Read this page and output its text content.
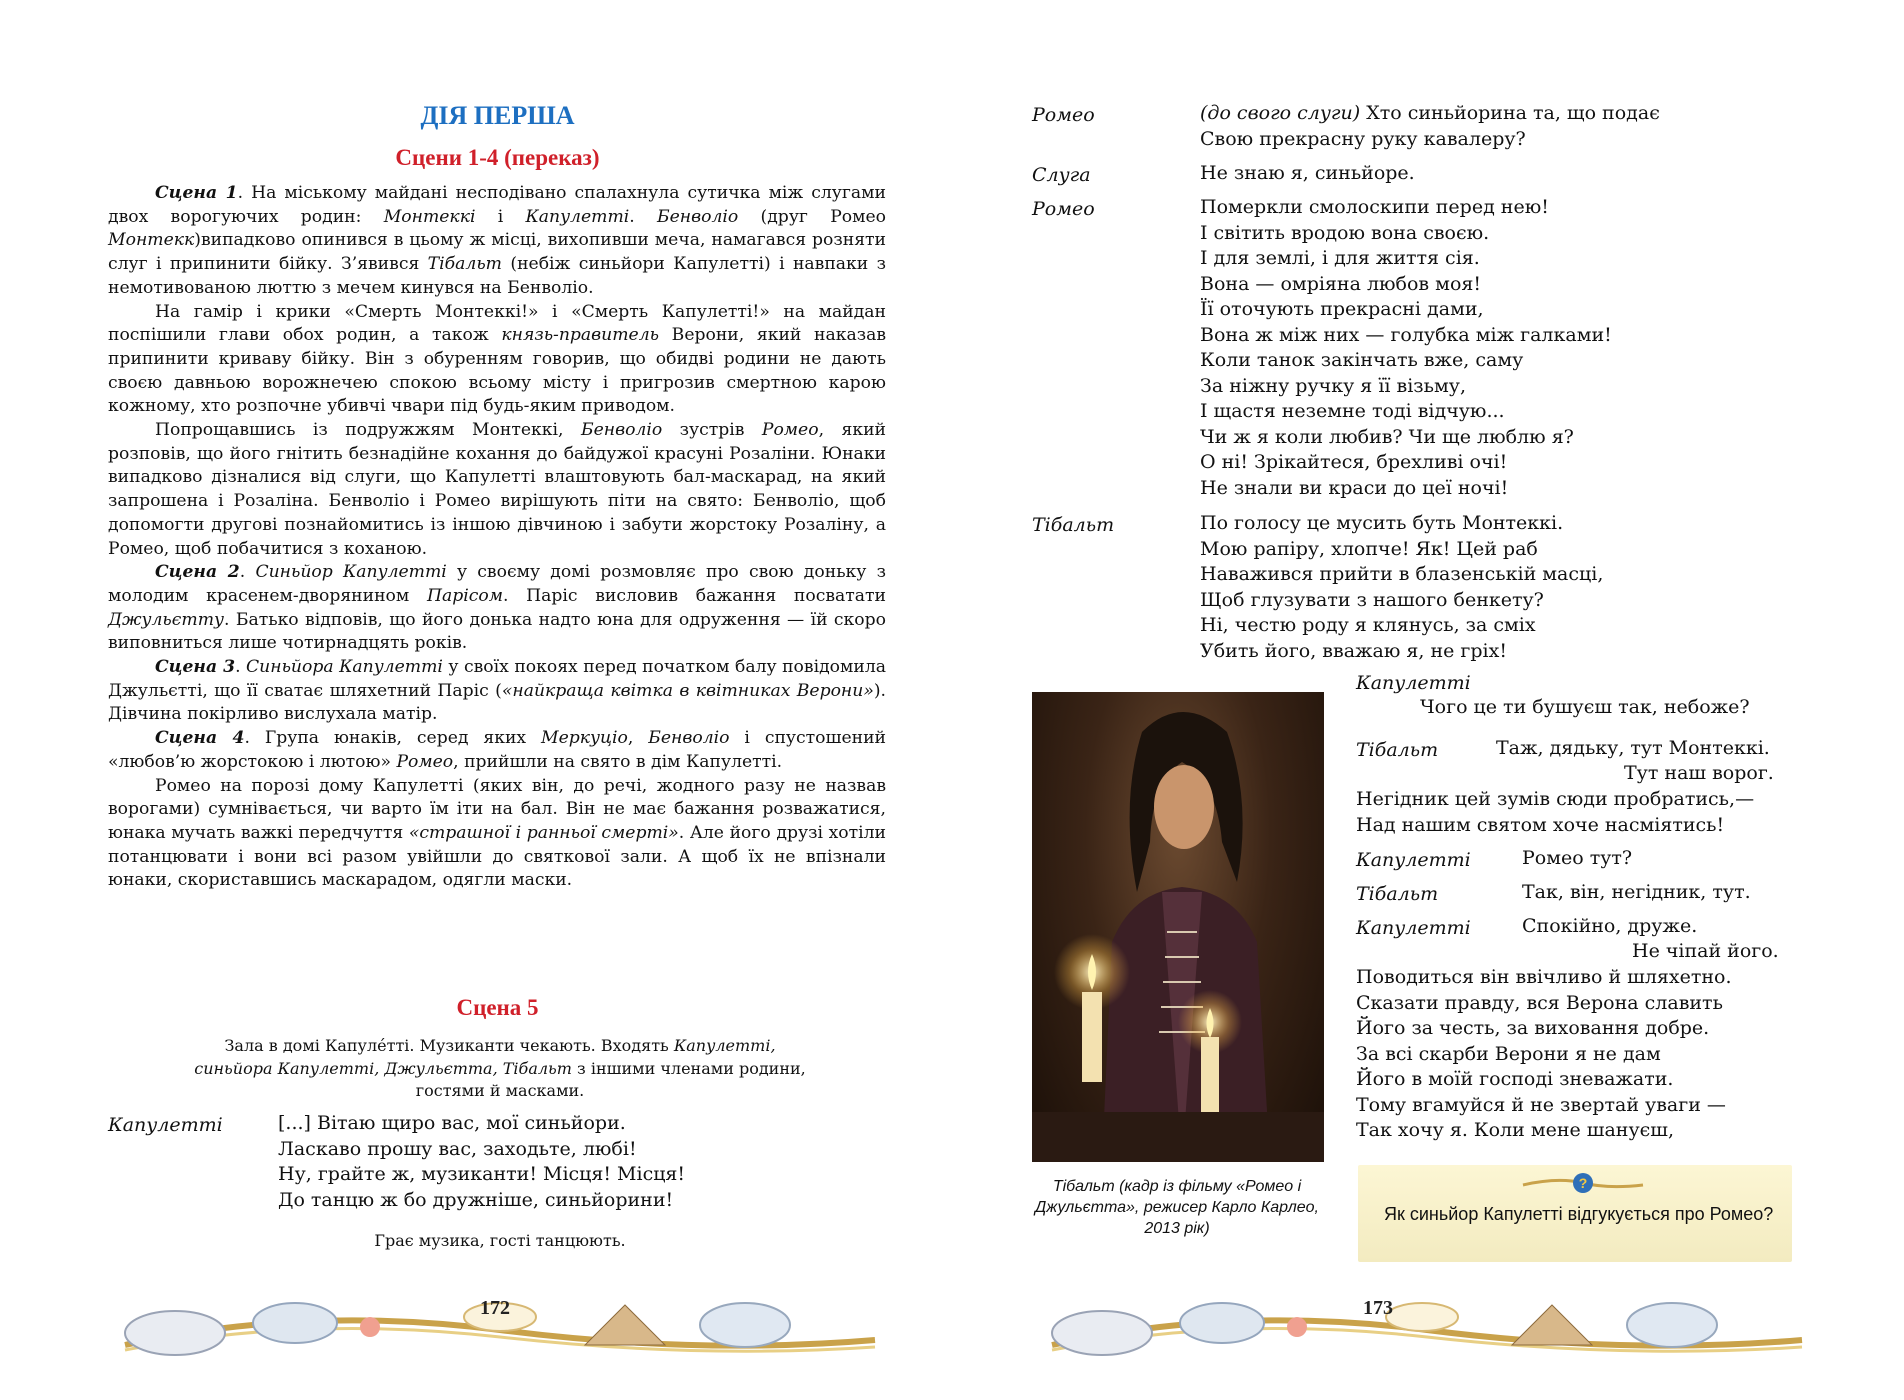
ДІЯ ПЕРША
Сцени 1-4 (переказ)

Сцена 1. На міському майдані несподівано спалахнула сутичка між слугами двох ворогуючих родин: Монтеккі і Капулетті. Бенволіо (друг Ромео Монтекк)випадково опинився в цьому ж місці, вихопивши меча, намагався розняти слуг і припинити бійку. З’явився Тібальт (небіж синьйори Капулетті) і навпаки з немотивованою люттю з мечем кинувся на Бенволіо.

На гамір і крики «Смерть Монтеккі!» і «Смерть Капулетті!» на майдан поспішили глави обох родин, а також князь-правитель Верони, який наказав припинити криваву бійку. Він з обуренням говорив, що обидві родини не дають своєю давньою ворожнечею спокою всьому місту і пригрозив смертною карою кожному, хто розпочне убивчі чвари під будь-яким приводом.

Попрощавшись із подружжям Монтеккі, Бенволіо зустрів Ромео, який розповів, що його гнітить безнадійне кохання до байдужої красуні Розаліни. Юнаки випадково дізналися від слуги, що Капулетті влаштовують бал-маскарад, на який запрошена і Розаліна. Бенволіо і Ромео вирішують піти на свято: Бенволіо, щоб допомогти другові познайомитись із іншою дівчиною і забути жорстоку Розаліну, а Ромео, щоб побачитися з коханою.

Сцена 2. Синьйор Капулетті у своєму домі розмовляє про свою доньку з молодим красенем-дворянином Парісом. Паріс висловив бажання посватати Джульєтту. Батько відповів, що його донька надто юна для одруження — їй скоро виповниться лише чотирнадцять років.

Сцена 3. Синьйора Капулетті у своїх покоях перед початком балу повідомила Джульєтті, що її сватає шляхетний Паріс («найкраща квітка в квітниках Верони»). Дівчина покірливо вислухала матір.

Сцена 4. Група юнаків, серед яких Меркуціо, Бенволіо і спустошений «любов’ю жорстокою і лютою» Ромео, прийшли на свято в дім Капулетті.

Ромео на порозі дому Капулетті (яких він, до речі, жодного разу не назвав ворогами) сумнівається, чи варто їм іти на бал. Він не має бажання розважатися, юнака мучать важкі передчуття «страшної і ранньої смерті». Але його друзі хотіли потанцювати і вони всі разом увійшли до святкової зали. А щоб їх не впізнали юнаки, скориставшись маскарадом, одягли маски.

Сцена 5
Зала в домі Капуле́тті. Музиканти чекають. Входять Капулетті,
синьйора Капулетті, Джульєтта, Тібальт з іншими членами родини,
гостями й масками.
Капулетті	[...] Вітаю щиро вас, мої синьйори.
Ласкаво прошу вас, заходьте, любі!
Ну, грайте ж, музиканти! Місця! Місця!
До танцю ж бо дружніше, синьйорини!
Грає музика, гості танцюють.
172
Ромео	(до свого слуги) Хто синьйорина та, що подає
Свою прекрасну руку кавалеру?
Слуга	Не знаю я, синьйоре.
Ромео	Померкли смолоскипи перед нею!
І світить вродою вона своєю.
І для землі, і для життя сія.
Вона — омріяна любов моя!
Її оточують прекрасні дами,
Вона ж між них — голубка між галками!
Коли танок закінчать вже, саму
За ніжну ручку я її візьму,
І щастя неземне тоді відчую...
Чи ж я коли любив? Чи ще люблю я?
О ні! Зрікайтеся, брехливі очі!
Не знали ви краси до цеї ночі!
Тібальт	По голосу це мусить буть Монтеккі.
Мою рапіру, хлопче! Як! Цей раб
Наважився прийти в блазенській масці,
Щоб глузувати з нашого бенкету?
Ні, честю роду я клянусь, за сміх
Убить його, вважаю я, не гріх!
Тібальт (кадр із фільму «Ромео і Джульєтта», режисер Карло Карлео, 2013 рік)
Капулетті
Чого це ти бушуєш так, небоже?
Тібальт	Таж, дядьку, тут Монтеккі.
Тут наш ворог.
Негідник цей зумів сюди пробратись,—
Над нашим святом хоче насміятись!
Капулетті	Ромео тут?
Тібальт	Так, він, негідник, тут.
Капулетті	Спокійно, друже.
Не чіпай його.
Поводиться він ввічливо й шляхетно.
Сказати правду, вся Верона славить
Його за честь, за виховання добре.
За всі скарби Верони я не дам
Його в моїй господі зневажати.
Тому вгамуйся й не звертай уваги —
Так хочу я. Коли мене шануєш,
?
Як синьйор Капулетті відгукується про Ромео?
173
